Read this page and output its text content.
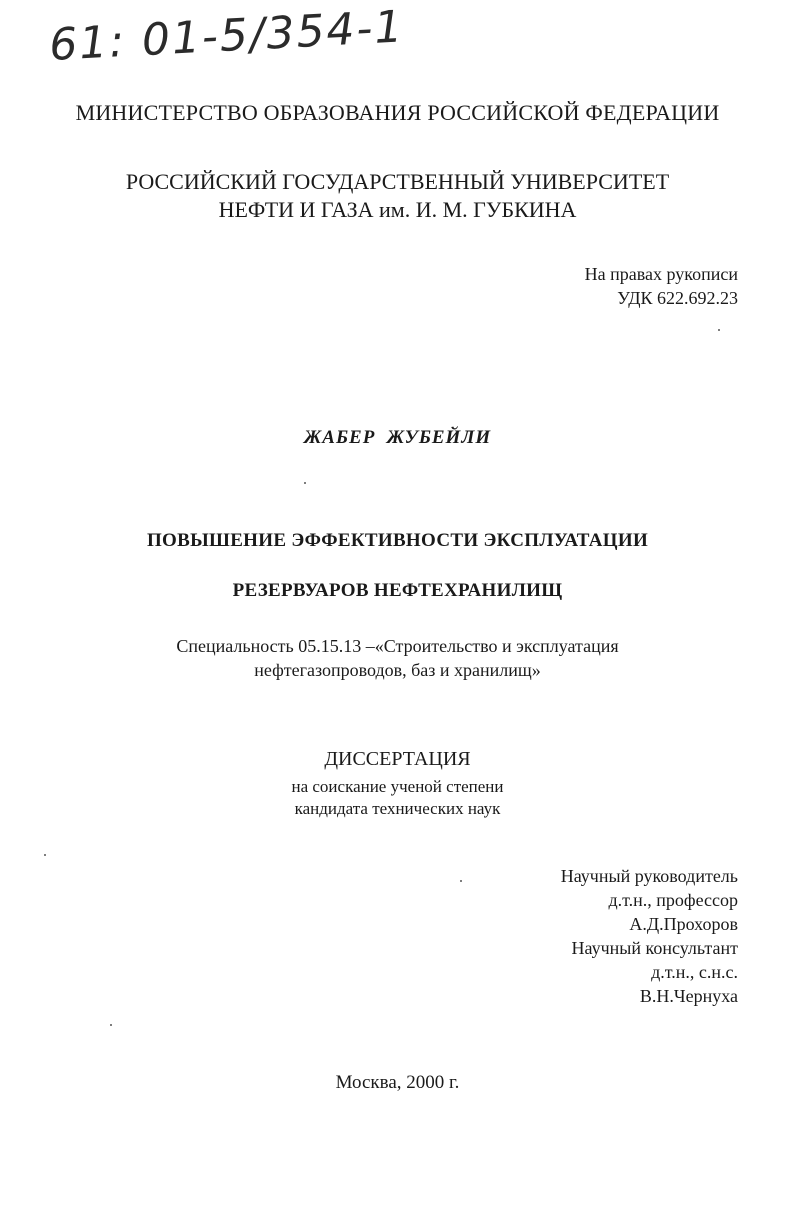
61: 01-5/354-1
МИНИСТЕРСТВО ОБРАЗОВАНИЯ РОССИЙСКОЙ ФЕДЕРАЦИИ
РОССИЙСКИЙ ГОСУДАРСТВЕННЫЙ УНИВЕРСИТЕТ
НЕФТИ И ГАЗА им. И. М. ГУБКИНА
На правах рукописи
УДК 622.692.23
ЖАБЕР  ЖУБЕЙЛИ
ПОВЫШЕНИЕ ЭФФЕКТИВНОСТИ ЭКСПЛУАТАЦИИ
РЕЗЕРВУАРОВ НЕФТЕХРАНИЛИЩ
Специальность 05.15.13 –«Строительство и эксплуатация
нефтегазопроводов, баз и хранилищ»
ДИССЕРТАЦИЯ
на соискание ученой степени
кандидата технических наук
Научный руководитель
д.т.н., профессор
А.Д.Прохоров
Научный консультант
д.т.н., с.н.с.
В.Н.Чернуха
Москва, 2000 г.
